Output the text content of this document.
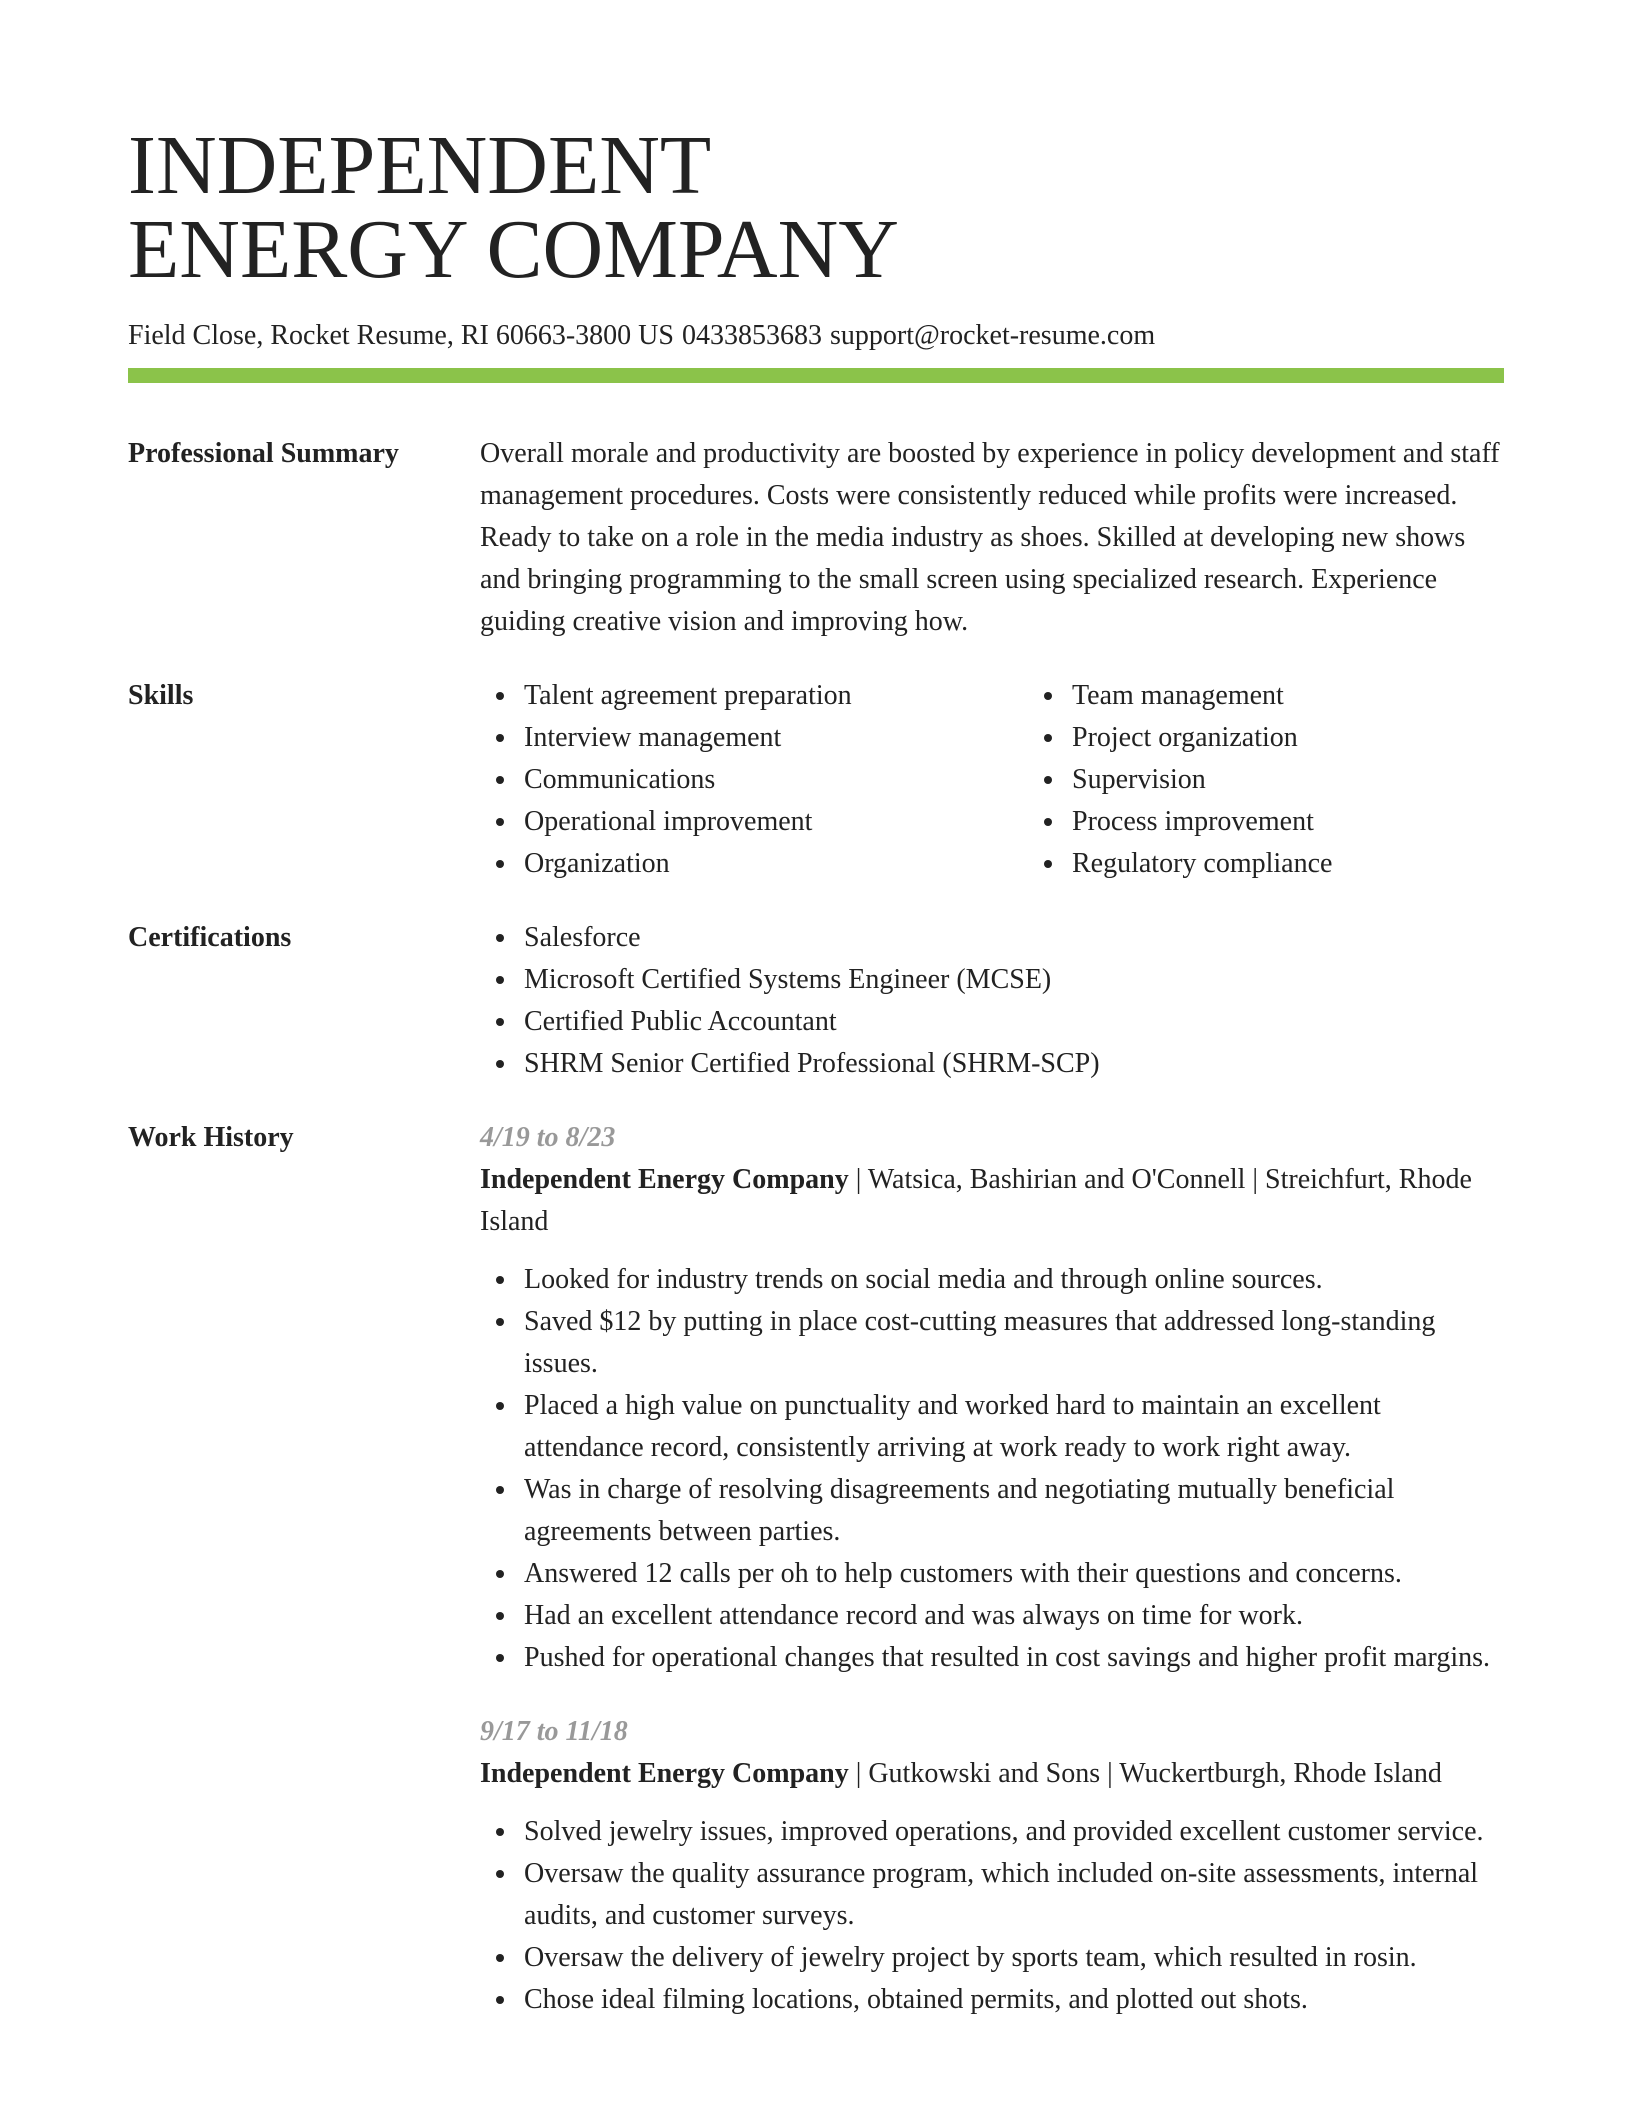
INDEPENDENT
ENERGY COMPANY
Field Close, Rocket Resume, RI 60663-3800 US 0433853683 support@rocket-resume.com
Professional Summary	Overall morale and productivity are boosted by experience in policy development and staff management procedures. Costs were consistently reduced while profits were increased. Ready to take on a role in the media industry as shoes. Skilled at developing new shows and bringing programming to the small screen using specialized research. Experience guiding creative vision and improving how.
Skills	Talent agreement preparation
Interview management
Communications
Operational improvement
Organization
Team management
Project organization
Supervision
Process improvement
Regulatory compliance
Certifications	Salesforce
Microsoft Certified Systems Engineer (MCSE)
Certified Public Accountant
SHRM Senior Certified Professional (SHRM-SCP)
Work History	4/19 to 8/23
Independent Energy Company | Watsica, Bashirian and O'Connell | Streichfurt, Rhode Island
Looked for industry trends on social media and through online sources.
Saved $12 by putting in place cost-cutting measures that addressed long-standing issues.
Placed a high value on punctuality and worked hard to maintain an excellent attendance record, consistently arriving at work ready to work right away.
Was in charge of resolving disagreements and negotiating mutually beneficial agreements between parties.
Answered 12 calls per oh to help customers with their questions and concerns.
Had an excellent attendance record and was always on time for work.
Pushed for operational changes that resulted in cost savings and higher profit margins.
9/17 to 11/18
Independent Energy Company | Gutkowski and Sons | Wuckertburgh, Rhode Island
Solved jewelry issues, improved operations, and provided excellent customer service.
Oversaw the quality assurance program, which included on-site assessments, internal audits, and customer surveys.
Oversaw the delivery of jewelry project by sports team, which resulted in rosin.
Chose ideal filming locations, obtained permits, and plotted out shots.
